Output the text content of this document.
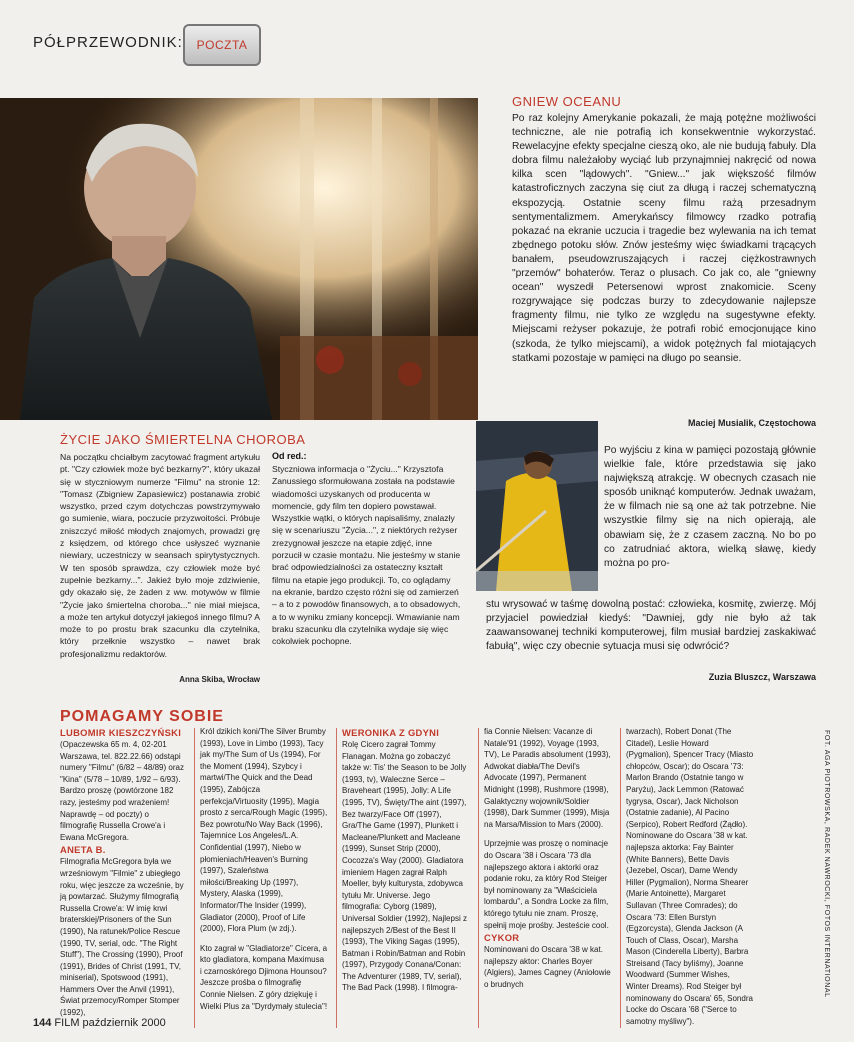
PÓŁPRZEWODNIK: POCZTA
GNIEW OCEANU
Po raz kolejny Amerykanie pokazali, że mają potężne możliwości techniczne, ale nie potrafią ich konsekwentnie wykorzystać. Rewelacyjne efekty specjalne cieszą oko, ale nie budują fabuły. Dla dobra filmu należałoby wyciąć lub przynajmniej nakręcić od nowa kilka scen "lądowych". "Gniew..." jak większość filmów katastroficznych zaczyna się ciut za długą i raczej schematyczną ekspozycją. Ostatnie sceny filmu rażą przesadnym sentymentalizmem. Amerykańscy filmowcy rzadko potrafią pokazać na ekranie uczucia i tragedie bez wylewania na ich temat zbędnego potoku słów. Znów jesteśmy więc świadkami trącących banałem, pseudowzruszających i raczej ciężkostrawnych "przemów" bohaterów. Teraz o plusach. Co jak co, ale "gniewny ocean" wyszedł Petersenowi wprost znakomicie. Sceny rozgrywające się podczas burzy to zdecydowanie najlepsze fragmenty filmu, nie tylko ze względu na sugestywne efekty. Miejscami reżyser pokazuje, że potrafi robić emocjonujące kino (szkoda, że tylko miejscami), a widok potężnych fal miotających statkami pozostaje w pamięci na długo po seansie.
Maciej Musialik, Częstochowa
Po wyjściu z kina w pamięci pozostają głównie wielkie fale, które przedstawia się jako największą atrakcję. W obecnych czasach nie sposób uniknąć komputerów. Jednak uważam, że w filmach nie są one aż tak potrzebne. Nie wszystkie filmy się na nich opierają, ale obawiam się, że z czasem zaczną. No bo po co zatrudniać aktora, wielką sławę, kiedy można po pro-
stu wrysować w taśmę dowolną postać: człowieka, kosmitę, zwierzę. Mój przyjaciel powiedział kiedyś: "Dawniej, gdy nie było aż tak zaawansowanej techniki komputerowej, film musiał bardziej zaskakiwać fabułą", więc czy obecnie sytuacja musi się odwrócić?
Zuzia Bluszcz, Warszawa
ŻYCIE JAKO ŚMIERTELNA CHOROBA
Na początku chciałbym zacytować fragment artykułu pt. "Czy człowiek może być bezkarny?", który ukazał się w styczniowym numerze "Filmu" na stronie 12: "Tomasz (Zbigniew Zapasiewicz) postanawia zrobić wszystko, przed czym dotychczas powstrzymywało go sumienie, wiara, poczucie przyzwoitości. Próbuje zniszczyć miłość młodych znajomych, prowadzi grę z księdzem, od którego chce usłyszeć wyznanie niewiary, uczestniczy w seansach spirytystycznych. W ten sposób sprawdza, czy człowiek może być zupełnie bezkarny...". Jakież było moje zdziwienie, gdy okazało się, że żaden z ww. motywów w filmie "Życie jako śmiertelna choroba..." nie miał miejsca, a może ten artykuł dotyczył jakiegoś innego filmu? A może to po prostu brak szacunku dla czytelnika, który przełknie wszystko – nawet brak profesjonalizmu redaktorów.
Anna Skiba, Wrocław
Od red.:
Styczniowa informacja o "Życiu..." Krzysztofa Zanussiego sformułowana została na podstawie wiadomości uzyskanych od producenta w momencie, gdy film ten dopiero powstawał. Wszystkie wątki, o których napisaliśmy, znalazły się w scenariuszu "Życia...", z niektórych reżyser zrezygnował jeszcze na etapie zdjęć, inne porzucił w czasie montażu. Nie jesteśmy w stanie brać odpowiedzialności za ostateczny kształt filmu na etapie jego produkcji. To, co oglądamy na ekranie, bardzo często różni się od zamierzeń – a to z powodów finansowych, a to obsadowych, a to w wyniku zmiany koncepcji. Wmawianie nam braku szacunku dla czytelnika wydaje się więc cokolwiek pochopne.
POMAGAMY SOBIE
LUBOMIR KIESZCZYŃSKI
(Opaczewska 65 m. 4, 02-201 Warszawa, tel. 822.22.66) odstąpi numery "Filmu" (6/82 – 48/89) oraz "Kina" (5/78 – 10/89, 1/92 – 6/93). Bardzo proszę (powtórzone 182 razy, jesteśmy pod wrażeniem! Naprawdę – od poczty) o filmografię Russella Crowe'a i Ewana McGregora.
ANETA B.
Filmografia McGregora była we wrześniowym "Filmie" z ubiegłego roku, więc jeszcze za wcześnie, by ją powtarzać. Służymy filmografią Russella Crowe'a: W imię krwi braterskiej/Prisoners of the Sun (1990), Na ratunek/Police Rescue (1990, TV, serial, odc. "The Right Stuff"), The Crossing (1990), Proof (1991), Brides of Christ (1991, TV, miniserial), Spotswood (1991), Hammers Over the Anvil (1991), Świat przemocy/Romper Stomper (1992),
Król dzikich koni/The Silver Brumby (1993), Love in Limbo (1993), Tacy jak my/The Sum of Us (1994), For the Moment (1994), Szybcy i martwi/The Quick and the Dead (1995), Zabójcza perfekcja/Virtuosity (1995), Magia prosto z serca/Rough Magic (1995), Bez powrotu/No Way Back (1996), Tajemnice Los Angeles/L.A. Confidential (1997), Niebo w płomieniach/Heaven's Burning (1997), Szaleństwa miłości/Breaking Up (1997), Mystery, Alaska (1999), Informator/The Insider (1999), Gladiator (2000), Proof of Life (2000), Flora Plum (w zdj.).
Kto zagrał w "Gladiatorze" Cicera, a kto gladiatora, kompana Maximusa i czarnoskórego Djimona Hounsou? Jeszcze prośba o filmografię Connie Nielsen. Z góry dziękuję i Wielki Plus za "Dyrdymały stulecia"!
WERONIKA Z GDYNI
Rolę Cicero zagrał Tommy Flanagan. Można go zobaczyć także w: Tis' the Season to be Jolly (1993, tv), Waleczne Serce – Braveheart (1995), Jolly: A Life (1995, TV), Święty/The aint (1997), Bez twarzy/Face Off (1997), Gra/The Game (1997), Plunkett i Macleane/Plunkett and Macleane (1999), Sunset Strip (2000), Cocozza's Way (2000). Gladiatora imieniem Hagen zagrał Ralph Moeller, były kulturysta, zdobywca tytułu Mr. Universe. Jego filmografia: Cyborg (1989), Universal Soldier (1992), Najlepsi z najlepszych 2/Best of the Best II (1993), The Viking Sagas (1995), Batman i Robin/Batman and Robin (1997), Przygody Conana/Conan: The Adventurer (1989, TV, serial), The Bad Pack (1998). I filmogra-
fia Connie Nielsen: Vacanze di Natale'91 (1992), Voyage (1993, TV), Le Paradis absolument (1993), Adwokat diabła/The Devil's Advocate (1997), Permanent Midnight (1998), Rushmore (1998), Galaktyczny wojownik/Soldier (1998), Dark Summer (1999), Misja na Marsa/Mission to Mars (2000).
Uprzejmie was proszę o nominacje do Oscara '38 i Oscara '73 dla najlepszego aktora i aktorki oraz podanie roku, za który Rod Steiger był nominowany za "Właściciela lombardu", a Sondra Locke za film, którego tytułu nie znam. Proszę, spełnij moje prośby. Jesteście cool.
CYKOR
Nominowani do Oscara '38 w kat. najlepszy aktor: Charles Boyer (Algiers), James Cagney (Aniołowie o brudnych
twarzach), Robert Donat (The Citadel), Leslie Howard (Pygmalion), Spencer Tracy (Miasto chłopców, Oscar); do Oscara '73: Marlon Brando (Ostatnie tango w Paryżu), Jack Lemmon (Ratować tygrysa, Oscar), Jack Nicholson (Ostatnie zadanie), Al Pacino (Serpico), Robert Redford (Żądło). Nominowane do Oscara '38 w kat. najlepsza aktorka: Fay Bainter (White Banners), Bette Davis (Jezebel, Oscar), Dame Wendy Hiller (Pygmalion), Norma Shearer (Marie Antoinette), Margaret Sullavan (Three Comrades); do Oscara '73: Ellen Burstyn (Egzorcysta), Glenda Jackson (A Touch of Class, Oscar), Marsha Mason (Cinderella Liberty), Barbra Streisand (Tacy byliśmy), Joanne Woodward (Summer Wishes, Winter Dreams). Rod Steiger był nominowany do Oscara' 65, Sondra Locke do Oscara '68 ("Serce to samotny myśliwy").
FOT. AGA PIOTROWSKA, RADEK NAWROCKI, FOTOS INTERNATIONAL
144 FILM październik 2000
